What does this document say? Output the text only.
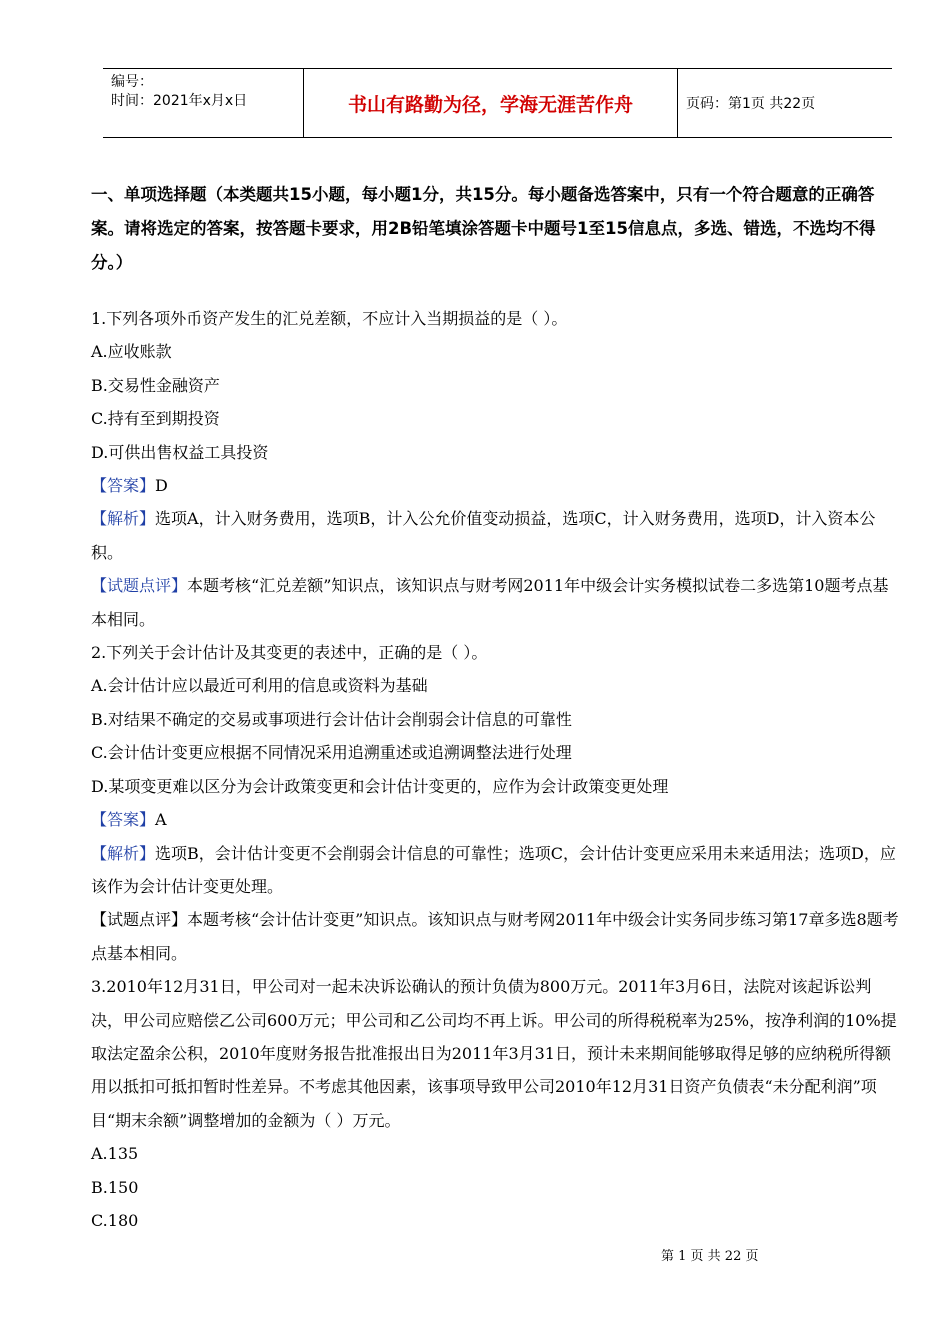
编号：
时间：2021年x月x日	书山有路勤为径，学海无涯苦作舟	页码：第1页 共22页
一、单项选择题（本类题共15小题，每小题1分，共15分。每小题备选答案中，只有一个符合题意的正确答案。请将选定的答案，按答题卡要求，用2B铅笔填涂答题卡中题号1至15信息点，多选、错选，不选均不得分。）

1.下列各项外币资产发生的汇兑差额，不应计入当期损益的是（ ）。

A.应收账款

B.交易性金融资产

C.持有至到期投资

D.可供出售权益工具投资

【答案】D

【解析】选项A，计入财务费用，选项B，计入公允价值变动损益，选项C，计入财务费用，选项D，计入资本公积。

【试题点评】本题考核“汇兑差额”知识点，该知识点与财考网2011年中级会计实务模拟试卷二多选第10题考点基本相同。

2.下列关于会计估计及其变更的表述中，正确的是（ ）。

A.会计估计应以最近可利用的信息或资料为基础

B.对结果不确定的交易或事项进行会计估计会削弱会计信息的可靠性

C.会计估计变更应根据不同情况采用追溯重述或追溯调整法进行处理

D.某项变更难以区分为会计政策变更和会计估计变更的，应作为会计政策变更处理

【答案】A

【解析】选项B，会计估计变更不会削弱会计信息的可靠性；选项C，会计估计变更应采用未来适用法；选项D，应该作为会计估计变更处理。

【试题点评】本题考核“会计估计变更”知识点。该知识点与财考网2011年中级会计实务同步练习第17章多选8题考点基本相同。

3.2010年12月31日，甲公司对一起未决诉讼确认的预计负债为800万元。2011年3月6日，法院对该起诉讼判决，甲公司应赔偿乙公司600万元；甲公司和乙公司均不再上诉。甲公司的所得税税率为25%，按净利润的10%提取法定盈余公积，2010年度财务报告批准报出日为2011年3月31日，预计未来期间能够取得足够的应纳税所得额用以抵扣可抵扣暂时性差异。不考虑其他因素，该事项导致甲公司2010年12月31日资产负债表“未分配利润”项目“期末余额”调整增加的金额为（ ）万元。

A.135

B.150

C.180

第 1 页 共 22 页
